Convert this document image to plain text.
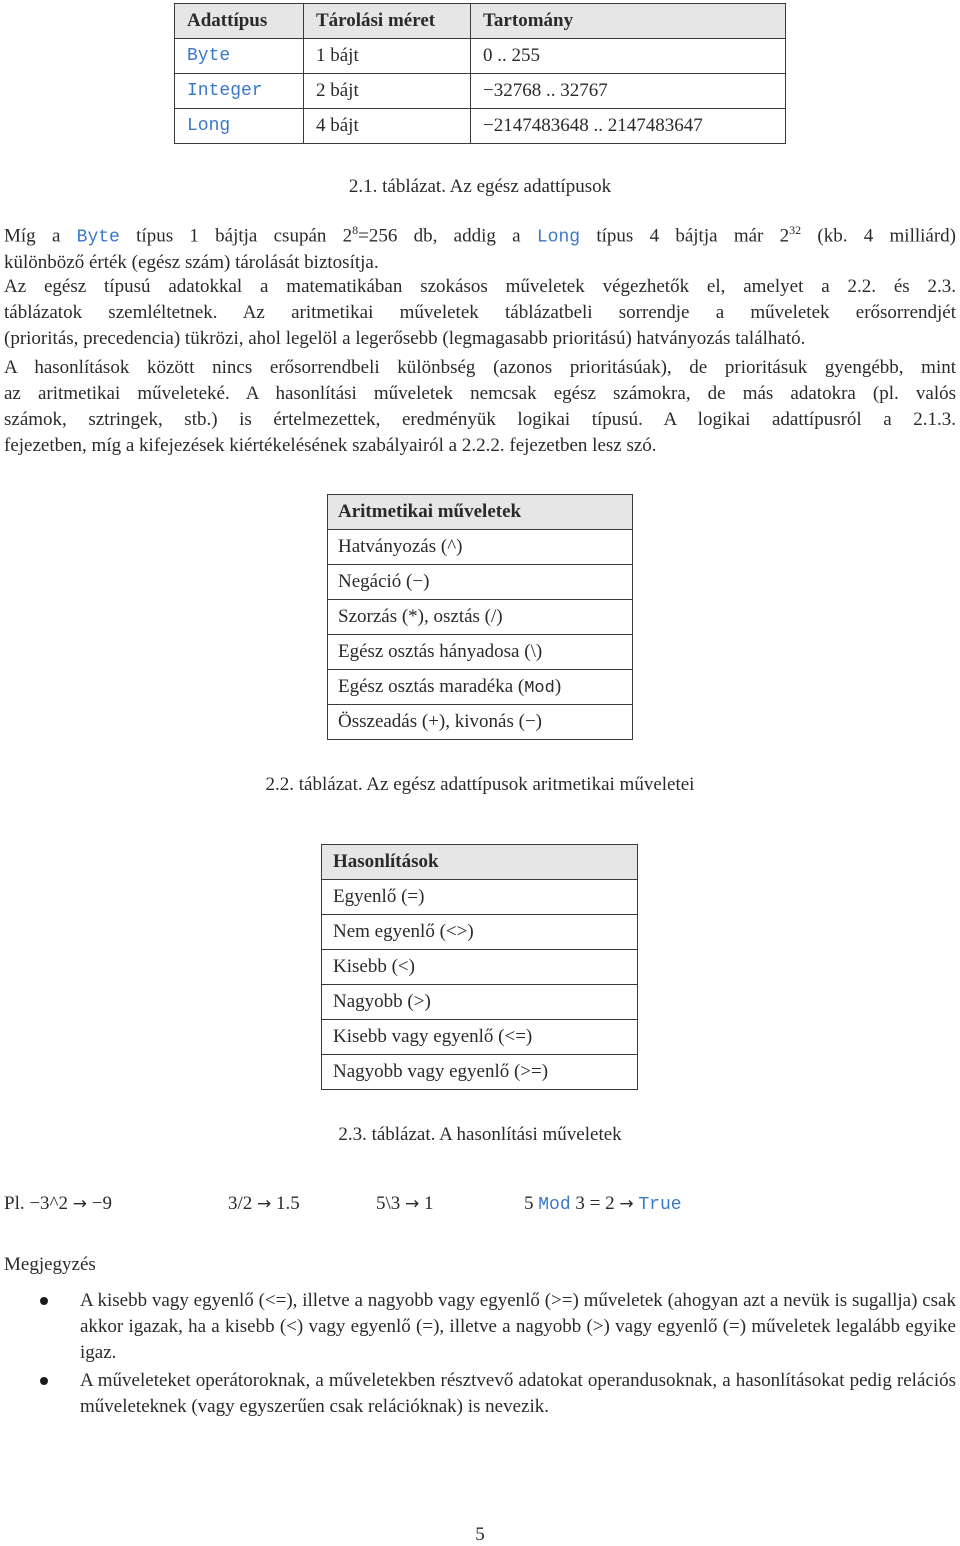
Adattípus	Tárolási méret	Tartomány
Byte	1 bájt	0 .. 255
Integer	2 bájt	−32768 .. 32767
Long	4 bájt	−2147483648 .. 2147483647
2.1. táblázat. Az egész adattípusok
Míg a Byte típus 1 bájtja csupán $2^8=256$ db, addig a Long típus 4 bájtja már $2^{32}$ (kb. 4 milliárd)
különböző érték (egész szám) tárolását biztosítja.
Az egész típusú adatokkal a matematikában szokásos műveletek végezhetők el, amelyet a 2.2. és 2.3.
táblázatok szemléltetnek. Az aritmetikai műveletek táblázatbeli sorrendje a műveletek erősorrendjét
(prioritás, precedencia) tükrözi, ahol legelöl a legerősebb (legmagasabb prioritású) hatványozás található.
A hasonlítások között nincs erősorrendbeli különbség (azonos prioritásúak), de prioritásuk gyengébb, mint
az aritmetikai műveleteké. A hasonlítási műveletek nemcsak egész számokra, de más adatokra (pl. valós
számok, sztringek, stb.) is értelmezettek, eredményük logikai típusú. A logikai adattípusról a 2.1.3.
fejezetben, míg a kifejezések kiértékelésének szabályairól a 2.2.2. fejezetben lesz szó.
Aritmetikai műveletek
Hatványozás (^)
Negáció (−)
Szorzás (*), osztás (/)
Egész osztás hányadosa (\)
Egész osztás maradéka (Mod)
Összeadás (+), kivonás (−)
2.2. táblázat. Az egész adattípusok aritmetikai műveletei
Hasonlítások
Egyenlő (=)
Nem egyenlő (<>)
Kisebb (<)
Nagyobb (>)
Kisebb vagy egyenlő (<=)
Nagyobb vagy egyenlő (>=)
2.3. táblázat. A hasonlítási műveletek
Pl. −3^2 → −9	3/2 → 1.5	5\3 → 1	5 Mod 3 = 2 → True
Megjegyzés
A kisebb vagy egyenlő (<=), illetve a nagyobb vagy egyenlő (>=) műveletek (ahogyan azt a nevük is sugallja) csak akkor igazak, ha a kisebb (<) vagy egyenlő (=), illetve a nagyobb (>) vagy egyenlő (=) műveletek legalább egyike igaz.
A műveleteket operátoroknak, a műveletekben résztvevő adatokat operandusoknak, a hasonlításokat pedig relációs műveleteknek (vagy egyszerűen csak relációknak) is nevezik.
5
